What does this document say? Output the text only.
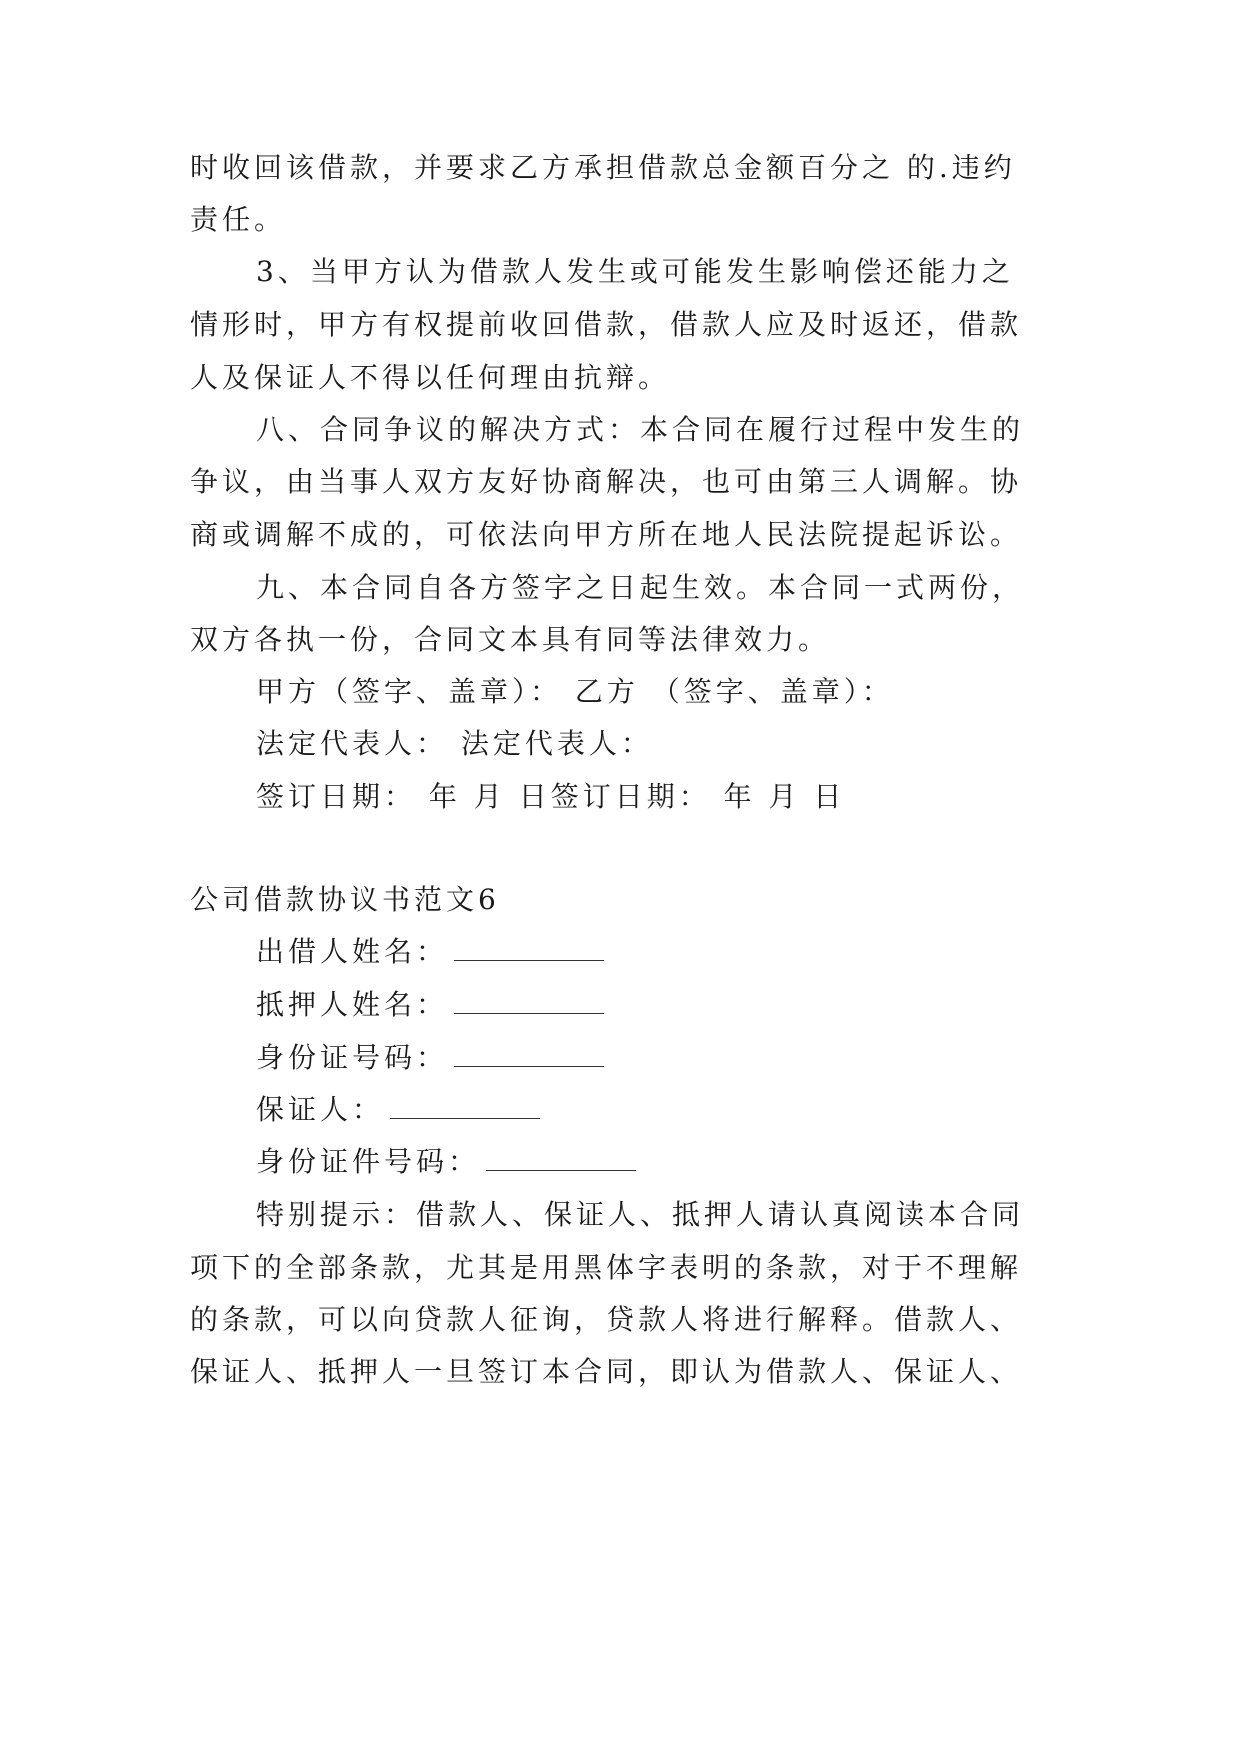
时收回该借款，并要求乙方承担借款总金额百分之 的.违约

责任。

3、当甲方认为借款人发生或可能发生影响偿还能力之

情形时，甲方有权提前收回借款，借款人应及时返还，借款

人及保证人不得以任何理由抗辩。

八、合同争议的解决方式：本合同在履行过程中发生的

争议，由当事人双方友好协商解决，也可由第三人调解。协

商或调解不成的，可依法向甲方所在地人民法院提起诉讼。

九、本合同自各方签字之日起生效。本合同一式两份，

双方各执一份，合同文本具有同等法律效力。

甲方（签字、盖章）： 乙方 （签字、盖章）：

法定代表人： 法定代表人：

签订日期： 年 月 日签订日期： 年 月 日

公司借款协议书范文6

出借人姓名：

抵押人姓名：

身份证号码：

保证人：

身份证件号码：

特别提示：借款人、保证人、抵押人请认真阅读本合同

项下的全部条款，尤其是用黑体字表明的条款，对于不理解

的条款，可以向贷款人征询，贷款人将进行解释。借款人、

保证人、抵押人一旦签订本合同，即认为借款人、保证人、
